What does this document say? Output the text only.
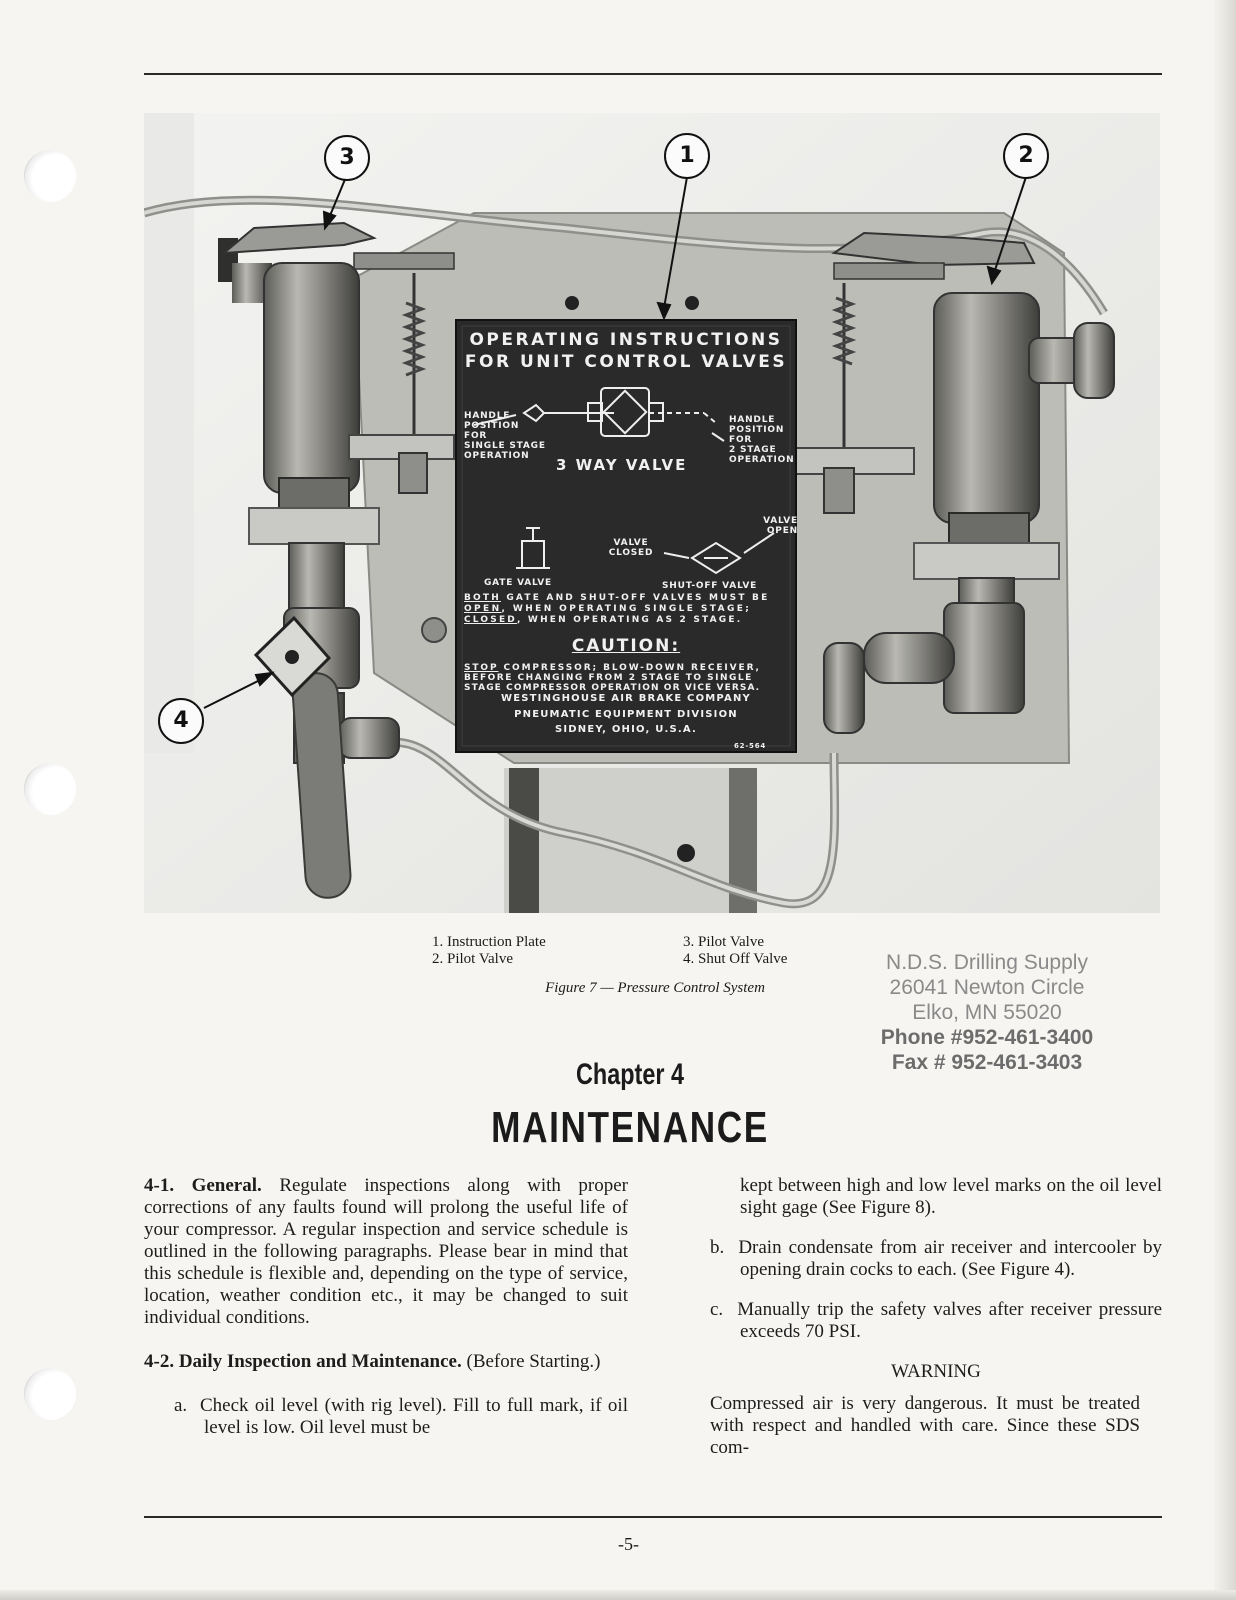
OPERATING INSTRUCTIONS
FOR UNIT CONTROL VALVES
HANDLE
POSITION
FOR
SINGLE STAGE
OPERATION
HANDLE
POSITION
FOR
2 STAGE
OPERATION
3 WAY VALVE
VALVE OPEN
VALVE CLOSED
GATE VALVE	SHUT-OFF VALVE
BOTH GATE AND SHUT-OFF VALVES MUST BE
OPEN, WHEN OPERATING SINGLE STAGE;
CLOSED, WHEN OPERATING AS 2 STAGE.
CAUTION:
STOP COMPRESSOR; BLOW-DOWN RECEIVER,
BEFORE CHANGING FROM 2 STAGE TO SINGLE
STAGE COMPRESSOR OPERATION OR VICE VERSA.
WESTINGHOUSE AIR BRAKE COMPANY
PNEUMATIC EQUIPMENT DIVISION
SIDNEY, OHIO, U.S.A.
62-564
1	2
3
4
1. Instruction Plate
2. Pilot Valve
3. Pilot Valve
4. Shut Off Valve
Figure 7 — Pressure Control System
N.D.S. Drilling Supply
26041 Newton Circle
Elko, MN 55020
Phone #952-461-3400
Fax # 952-461-3403
Chapter 4
MAINTENANCE

4-1. General. Regulate inspections along with proper corrections of any faults found will prolong the useful life of your compressor. A regular inspection and service schedule is outlined in the following paragraphs. Please bear in mind that this schedule is flexible and, depending on the type of service, location, weather condition etc., it may be changed to suit individual conditions.

4-2. Daily Inspection and Maintenance. (Before Starting.)

a. Check oil level (with rig level). Fill to full mark, if oil level is low. Oil level must be

kept between high and low level marks on the oil level sight gage (See Figure 8).

b. Drain condensate from air receiver and intercooler by opening drain cocks to each. (See Figure 4).

c. Manually trip the safety valves after receiver pressure exceeds 70 PSI.

WARNING

Compressed air is very dangerous. It must be treated with respect and handled with care. Since these SDS com-

-5-
